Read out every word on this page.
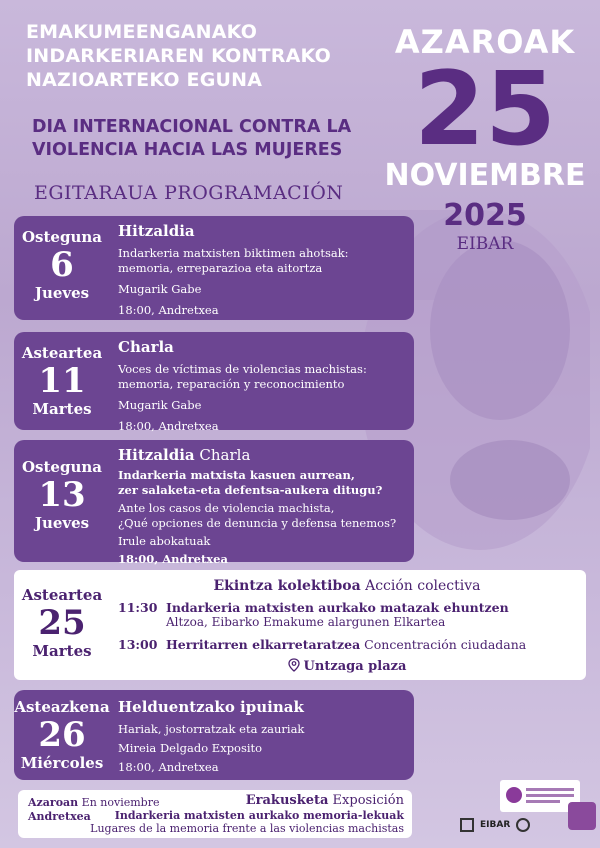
EMAKUMEENGANAKO
INDARKERIAREN KONTRAKO
NAZIOARTEKO EGUNA
DIA INTERNACIONAL CONTRA LA
VIOLENCIA HACIA LAS MUJERES
AZAROAK
25
NOVIEMBRE
2025
EIBAR
EGITARAUA PROGRAMACIÓN
Osteguna
6
Jueves
Hitzaldia
Indarkeria matxisten biktimen ahotsak:
memoria, erreparazioa eta aitortza
Mugarik Gabe
18:00, Andretxea
Asteartea
11
Martes
Charla
Voces de víctimas de violencias machistas:
memoria, reparación y reconocimiento
Mugarik Gabe
18:00, Andretxea
Osteguna
13
Jueves
Hitzaldia Charla
Indarkeria matxista kasuen aurrean,
zer salaketa-eta defentsa-aukera ditugu?
Ante los casos de violencia machista,
¿Qué opciones de denuncia y defensa tenemos?
Irule abokatuak
18:00, Andretxea
Asteartea
25
Martes
Ekintza kolektiboa Acción colectiva
11:30 Indarkeria matxisten aurkako matazak ehuntzen
Altzoa, Eibarko Emakume alargunen Elkartea
13:00 Herritarren elkarretaratzea Concentración ciudadana
Untzaga plaza
Asteazkena
26
Miércoles
Helduentzako ipuinak
Hariak, jostorratzak eta zauriak
Mireia Delgado Exposito
18:00, Andretxea
Azaroan En noviembre
Andretxea
Erakusketa Exposición
Indarkeria matxisten aurkako memoria-lekuak
Lugares de la memoria frente a las violencias machistas	EIBAR
